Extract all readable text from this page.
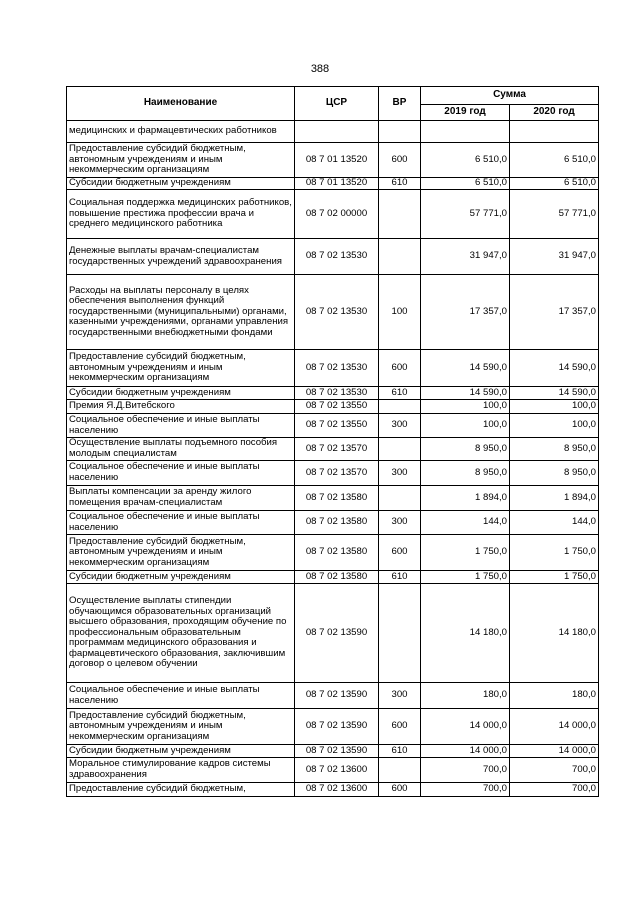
388
Наименование	ЦСР	ВР	Сумма	
			2019 год	2020 год
медицинских и фармацевтических работников				
Предоставление субсидий бюджетным, автономным учреждениям и иным некоммерческим организациям	08 7 01 13520	600	6 510,0	6 510,0
Субсидии бюджетным учреждениям	08 7 01 13520	610	6 510,0	6 510,0
Социальная поддержка медицинских работников, повышение престижа профессии врача и среднего медицинского работника	08 7 02 00000		57 771,0	57 771,0
Денежные выплаты врачам-специалистам государственных учреждений здравоохранения	08 7 02 13530		31 947,0	31 947,0
Расходы на выплаты персоналу в целях обеспечения выполнения функций государственными (муниципальными) органами, казенными учреждениями, органами управления государственными внебюджетными фондами	08 7 02 13530	100	17 357,0	17 357,0
Предоставление субсидий бюджетным, автономным учреждениям и иным некоммерческим организациям	08 7 02 13530	600	14 590,0	14 590,0
Субсидии бюджетным учреждениям	08 7 02 13530	610	14 590,0	14 590,0
Премия Я.Д.Витебского	08 7 02 13550		100,0	100,0
Социальное обеспечение и иные выплаты населению	08 7 02 13550	300	100,0	100,0
Осуществление выплаты подъемного пособия молодым специалистам	08 7 02 13570		8 950,0	8 950,0
Социальное обеспечение и иные выплаты населению	08 7 02 13570	300	8 950,0	8 950,0
Выплаты компенсации за аренду жилого помещения врачам-специалистам	08 7 02 13580		1 894,0	1 894,0
Социальное обеспечение и иные выплаты населению	08 7 02 13580	300	144,0	144,0
Предоставление субсидий бюджетным, автономным учреждениям и иным некоммерческим организациям	08 7 02 13580	600	1 750,0	1 750,0
Субсидии бюджетным учреждениям	08 7 02 13580	610	1 750,0	1 750,0
Осуществление выплаты стипендии обучающимся образовательных организаций высшего образования, проходящим обучение по профессиональным образовательным программам медицинского образования и фармацевтического образования, заключившим договор о целевом обучении	08 7 02 13590		14 180,0	14 180,0
Социальное обеспечение и иные выплаты населению	08 7 02 13590	300	180,0	180,0
Предоставление субсидий бюджетным, автономным учреждениям и иным некоммерческим организациям	08 7 02 13590	600	14 000,0	14 000,0
Субсидии бюджетным учреждениям	08 7 02 13590	610	14 000,0	14 000,0
Моральное стимулирование кадров системы здравоохранения	08 7 02 13600		700,0	700,0
Предоставление субсидий бюджетным,	08 7 02 13600	600	700,0	700,0
